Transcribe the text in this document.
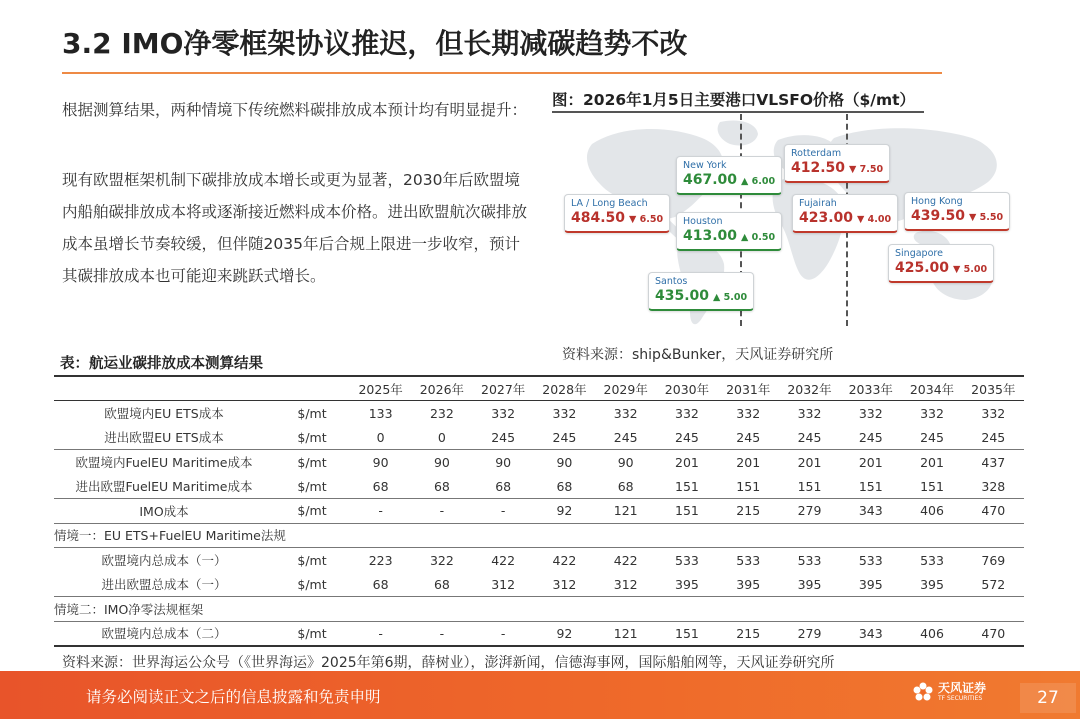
3.2 IMO净零框架协议推迟，但长期减碳趋势不改
根据测算结果，两种情境下传统燃料碳排放成本预计均有明显提升：
现有欧盟框架机制下碳排放成本增长或更为显著，2030年后欧盟境内船舶碳排放成本将或逐渐接近燃料成本价格。进出欧盟航次碳排放成本虽增长节奏较缓，但伴随2035年后合规上限进一步收窄，预计其碳排放成本也可能迎来跳跃式增长。
图：2026年1月5日主要港口VLSFO价格（$/mt）
LA / Long Beach
484.50 ▼ 6.50
New York
467.00 ▲ 6.00
Houston
413.00 ▲ 0.50
Santos
435.00 ▲ 5.00
Rotterdam
412.50 ▼ 7.50
Fujairah
423.00 ▼ 4.00
Hong Kong
439.50 ▼ 5.50
Singapore
425.00 ▼ 5.00
资料来源：ship&Bunker，天风证券研究所
表：航运业碳排放成本测算结果
		2025年	2026年	2027年	2028年	2029年	2030年	2031年	2032年	2033年	2034年	2035年
欧盟境内EU ETS成本	$/mt	133	232	332	332	332	332	332	332	332	332	332
进出欧盟EU ETS成本	$/mt	0	0	245	245	245	245	245	245	245	245	245
欧盟境内FuelEU Maritime成本	$/mt	90	90	90	90	90	201	201	201	201	201	437
进出欧盟FuelEU Maritime成本	$/mt	68	68	68	68	68	151	151	151	151	151	328
IMO成本	$/mt	-	-	-	92	121	151	215	279	343	406	470
情境一：EU ETS+FuelEU Maritime法规												
欧盟境内总成本（一）	$/mt	223	322	422	422	422	533	533	533	533	533	769
进出欧盟总成本（一）	$/mt	68	68	312	312	312	395	395	395	395	395	572
情境二：IMO净零法规框架												
欧盟境内总成本（二）	$/mt	-	-	-	92	121	151	215	279	343	406	470
资料来源：世界海运公众号（《世界海运》2025年第6期，薛树业），澎湃新闻，信德海事网，国际船舶网等，天风证券研究所
请务必阅读正文之后的信息披露和免责申明	天风证券
TF SECURITIES	27
